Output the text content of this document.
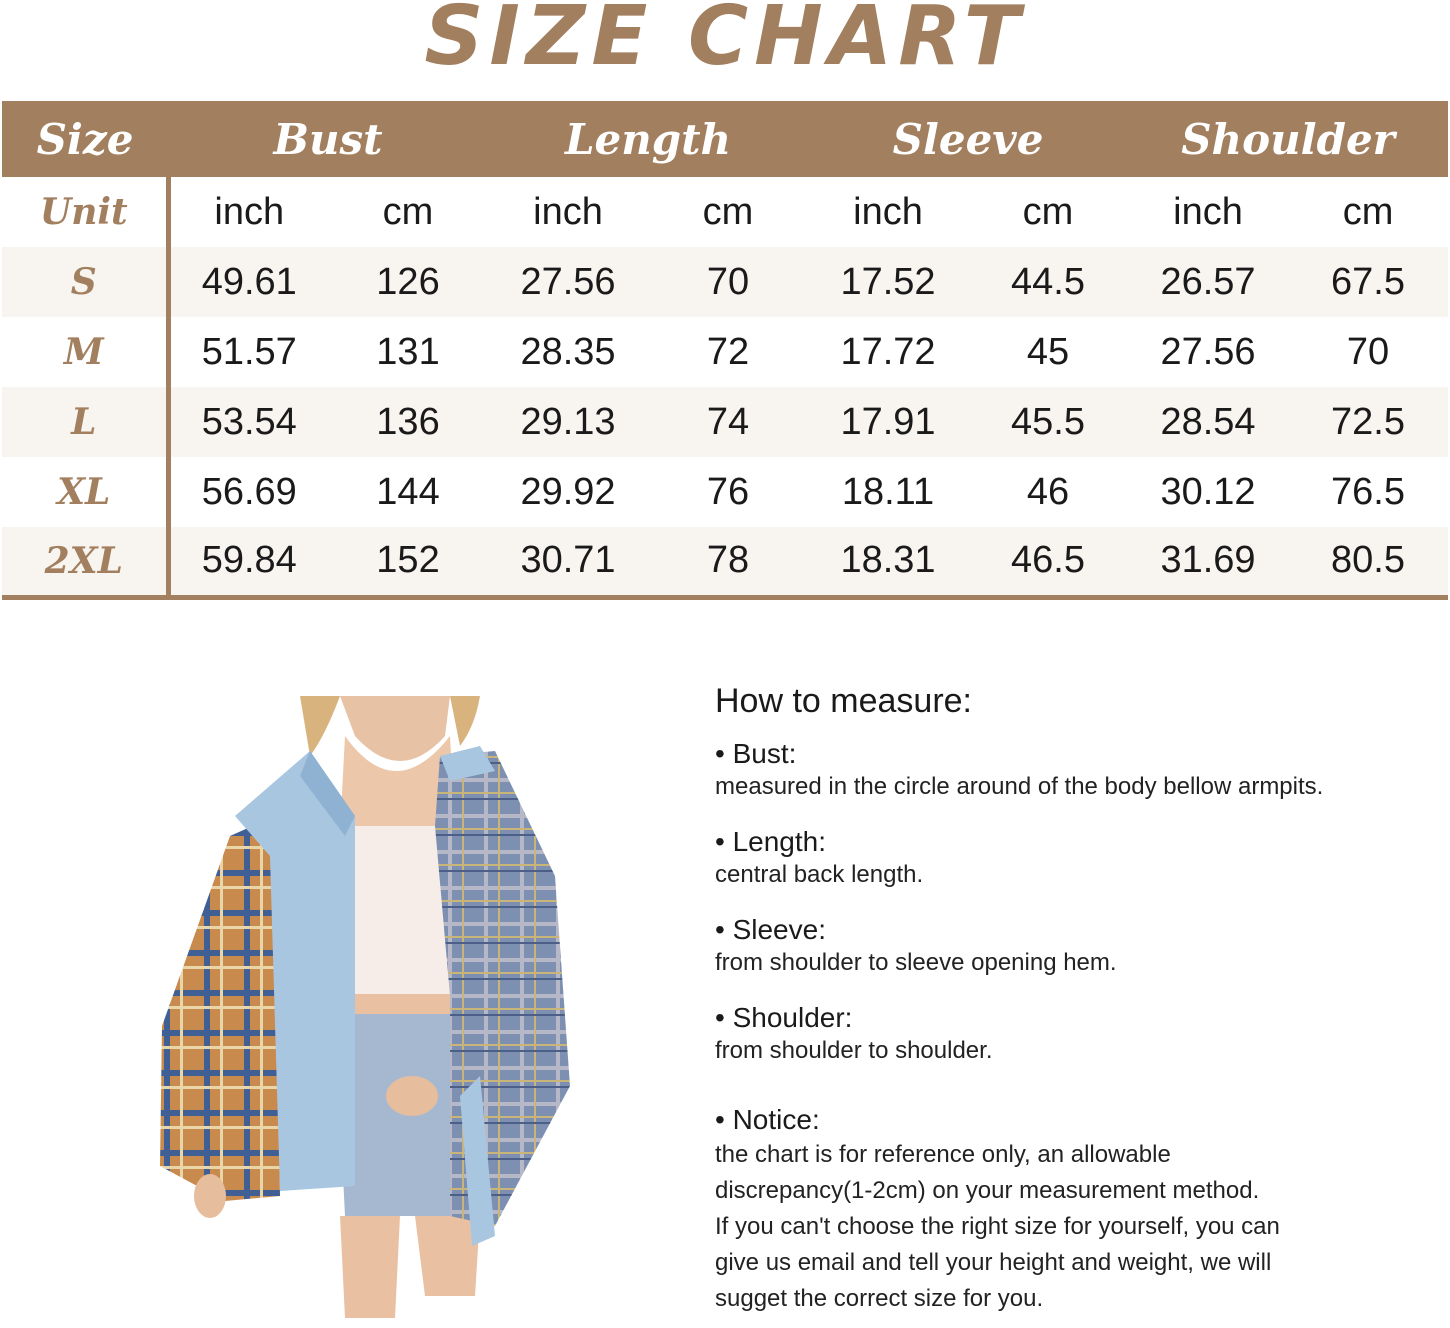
SIZE CHART
Size	Bust		Length		Sleeve		Shoulder	
Unit	inch	cm	inch	cm	inch	cm	inch	cm
S	49.61	126	27.56	70	17.52	44.5	26.57	67.5
M	51.57	131	28.35	72	17.72	45	27.56	70
L	53.54	136	29.13	74	17.91	45.5	28.54	72.5
XL	56.69	144	29.92	76	18.11	46	30.12	76.5
2XL	59.84	152	30.71	78	18.31	46.5	31.69	80.5
How to measure:
• Bust:
measured in the circle around of the body bellow armpits.
• Length:
central back length.
• Sleeve:
from shoulder to sleeve opening hem.
• Shoulder:
from shoulder to shoulder.
• Notice:
the chart is for reference only, an allowable
discrepancy(1-2cm) on your measurement method.
If you can't choose the right size for yourself, you can
give us email and tell your height and weight, we will
sugget the correct size for you.
